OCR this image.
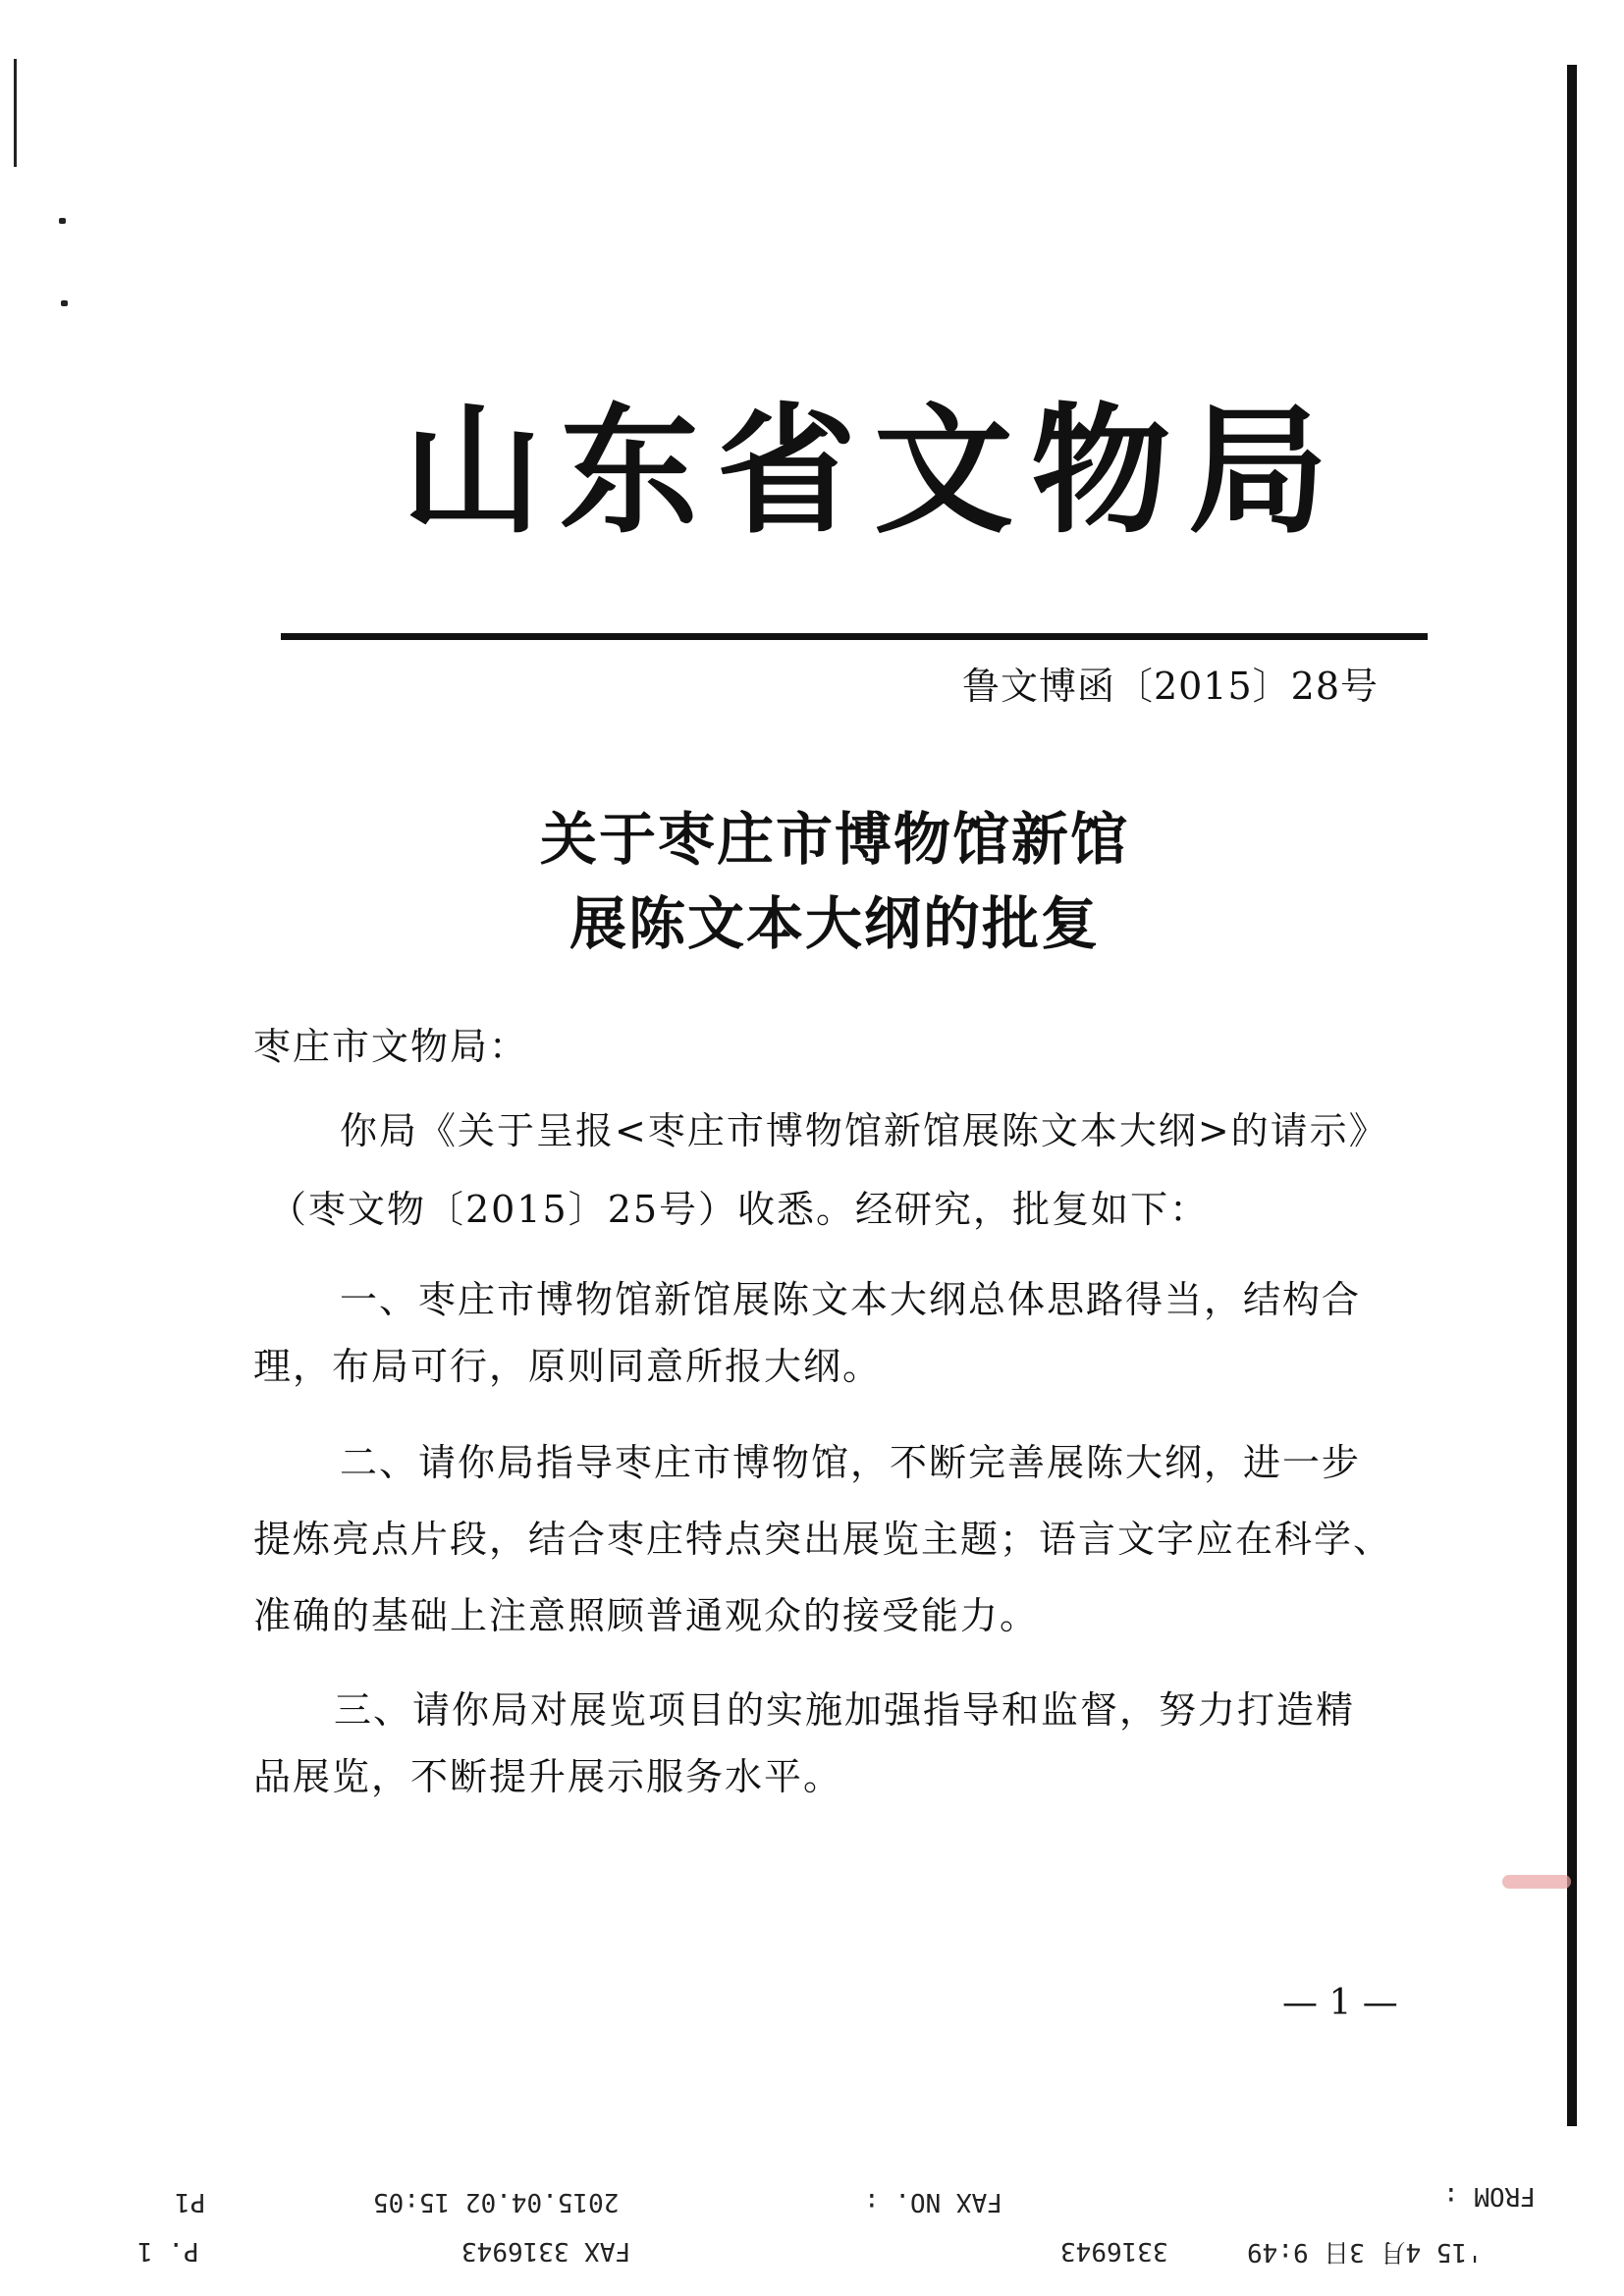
山东省文物局
鲁文博函〔2015〕28号
关于枣庄市博物馆新馆
展陈文本大纲的批复
枣庄市文物局：
你局《关于呈报<枣庄市博物馆新馆展陈文本大纲>的请示》
（枣文物〔2015〕25号）收悉。经研究，批复如下：
一、枣庄市博物馆新馆展陈文本大纲总体思路得当，结构合
理，布局可行，原则同意所报大纲。
二、请你局指导枣庄市博物馆，不断完善展陈大纲，进一步
提炼亮点片段，结合枣庄特点突出展览主题；语言文字应在科学、
准确的基础上注意照顾普通观众的接受能力。
三、请你局对展览项目的实施加强指导和监督，努力打造精
品展览，不断提升展示服务水平。
— 1 —
FROM :
FAX NO. :
2015.04.02 15:05
P1
'15 4月 3日 9:49
3316943
FAX 3316943
P. 1
